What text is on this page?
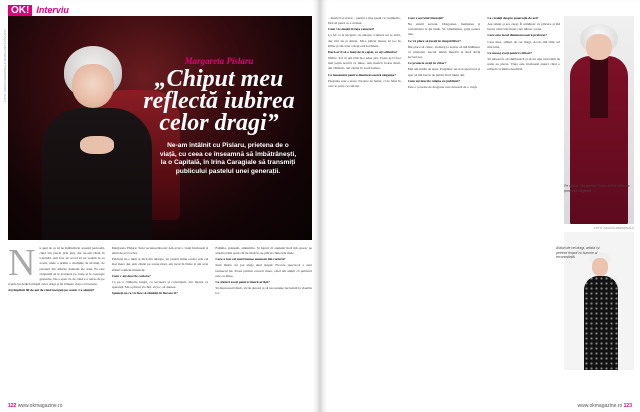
FOTO: ARHIVA PERSONALĂ MARGARETA PÎSLARU
OK! Interviu
Margareta Pîslaru
„Chiput meu reflectă iubirea celor dragi”
Ne-am întâlnit cu Pîslaru, prietena de o viață, cu ceea ce înseamnă să îmbătrânești, la o Capitală, în Irina Caragiale să transmiți publicului pastelul unei generații.
N	u sunt de ce să ne întâlnim în această perioadă, când am plecat prin țară, dar ne-am văzut în Capitală. Am fost de acord să ne vedem la ea acasă, unde a primit o mulțime de invitați, de prieteni din diferite domenii ale artei. Ea este obișnuită să le aranjeze pe toate și le cunoaște gusturile. Ne-a spus că, de când s-a retras de pe scenă, își dedică timpul celor dragi și își trăiește viața cu bucurie.

Ați împlinit 80 de ani de când mergeți pe scenă. Ce simțiți?

Margareta Pîslaru: Sunt recunoscătoare! Am avut o viață frumoasă și plină de provocări.

Publicul m-a iubit și încă mă iubește, iar pentru mine acesta este cel mai mare dar. Am cântat pe scene mari, am jucat în filme și am avut alături oameni minunați.

Cum v-ați descrie cariera?

Ca pe o călătorie lungă, cu urcușuri și coborâșuri, dar mereu cu speranță. Mi-a plăcut să cânt, să joc, să dansez.

Spuneți-ne ce vă face să zâmbiți în fiecare zi?

Familia, prietenii, amintirile. Și faptul că oamenii încă mă opresc pe stradă și îmi spun cât de mult le-au plăcut cântecele mele.

Care a fost cel mai frumos moment din carieră?

Sunt multe, nu pot alege unul singur. Fiecare spectacol a avut farmecul lui. Poate primul concert mare, când am simțit că publicul este cu mine.

Ce sfaturi aveți pentru tinerii artiști?

Să muncească mult, să fie sinceri și să nu renunțe niciodată la visurile lor.

122 www.okmagazine.ro

– muzică și teatru – pentru a ține pasul cu vremurile, fără să pierd ce e al meu.

Cum vă simțiți în fața camerei?

La fel ca la început: cu emoție. Camera nu te iartă, dar nici nu te minte. Mi-a plăcut mereu să joc în filme și am avut colegi extraordinari.

Dacă ar fi să o luați de la capăt, ce ați schimba?

Nimic. Tot ce am trăit m-a adus aici. Poate aș fi fost mai puțin severă cu mine. Am muncit foarte mult, am călătorit, am cântat în toată lumea.

Ce înseamnă pentru dumneavoastră eleganța?

Eleganța este o stare. Nu ține de haine, ci de felul în care te porți cu ceilalți.

Care e secretul tinereții?

Nu există secrete. Dragostea, bunătatea și curiozitatea te țin tânăr. Și, bineînțeles, grija pentru tine.

Ce vă place să faceți în timpul liber?

Îmi place să citesc, să merg la teatru, să mă întâlnesc cu prietenii. Ascult multă muzică și încă învăț lucruri noi.

Ce proiecte aveți în viitor?

Mai am multe de spus. Pregătesc un nou spectacol și sper să mă bucur de public încă mulți ani.

Cum ați descrie relația cu publicul?

Este o poveste de dragoste care durează de o viață.

Ce credeți despre generația de azi?

Are talent și are curaj. Îi urmăresc cu plăcere și mă bucur când văd tineri care iubesc scena.

Care este locul dumneavoastră preferat?

Casa mea, alături de cei dragi. Acolo mă simt cel mai bine.

Ce mesaj aveți pentru cititori?

Să iubească, să zâmbească și să nu uite niciodată de unde au plecat. Viața este frumoasă atunci când o trăiești cu inima deschisă.

Pe scenă, Margareta Pîslaru a fost mereu o prezență elegantă.
FOTO: ARHIVĂ PERSONALĂ
Alături de cei dragi, artista își petrece timpul cu bucurie și recunoștință.
www.okmagazine.ro 123
